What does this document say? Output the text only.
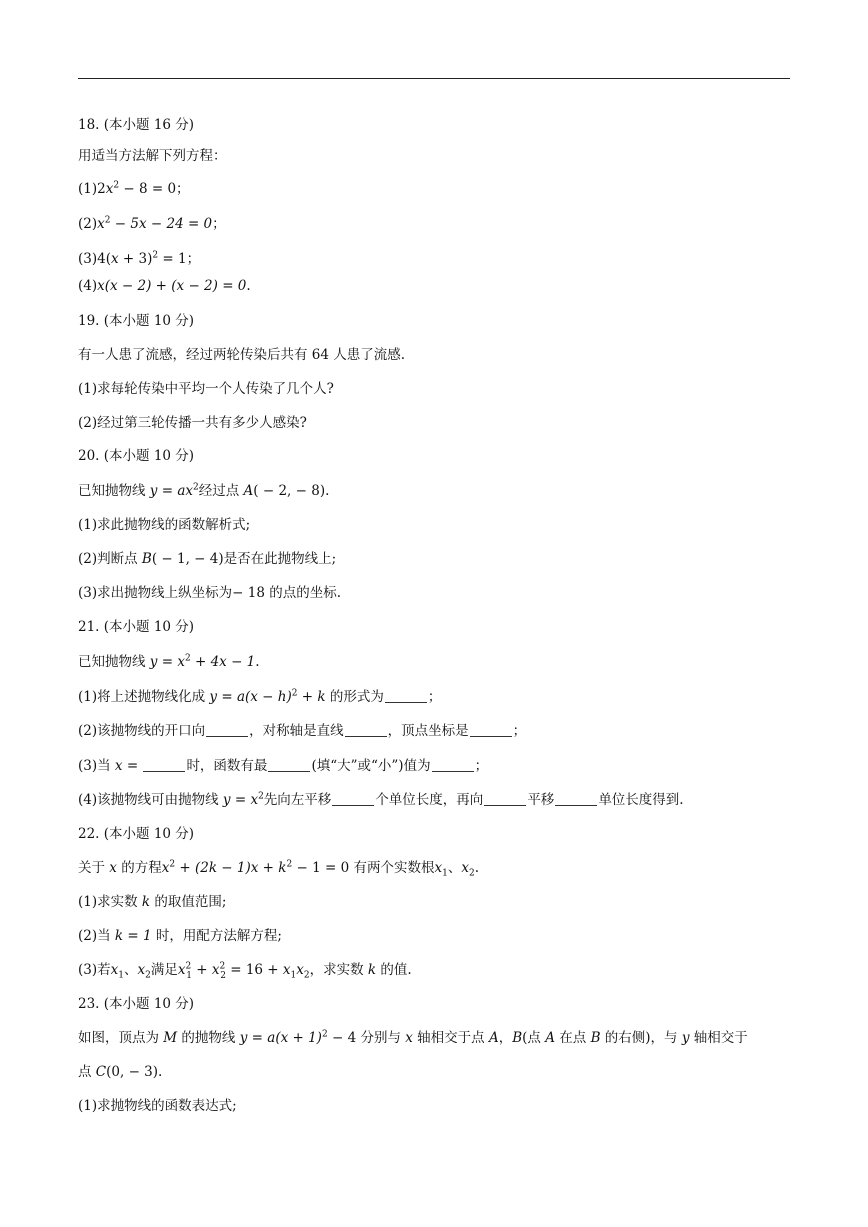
18. (本小题 16 分)
用适当方法解下列方程：
$(1)2x^2 - 8 = 0$；
$(2)x^2 - 5x - 24 = 0$；
$(3)4(x + 3)^2 = 1$；
(4)x(x − 2) + (x − 2) = 0.
19. (本小题 10 分)
有一人患了流感，经过两轮传染后共有 64 人患了流感.
(1)求每轮传染中平均一个人传染了几个人?
(2)经过第三轮传播一共有多少人感染?
20. (本小题 10 分)
已知抛物线 $y = ax^2$经过点 A( − 2, − 8).
(1)求此抛物线的函数解析式;
(2)判断点 B( − 1, − 4)是否在此抛物线上;
(3)求出抛物线上纵坐标为− 18 的点的坐标.
21. (本小题 10 分)
已知抛物线 $y = x^2 + 4x - 1$.
(1)将上述抛物线化成 $y = a(x - h)^2 + k$ 的形式为	；
(2)该抛物线的开口向	，对称轴是直线	，顶点坐标是	；
(3)当 x =	时，函数有最	(填“大”或“小”)值为	；
(4)该抛物线可由抛物线 $y = x^2$先向左平移	个单位长度，再向	平移	单位长度得到.
22. (本小题 10 分)
关于 x 的方程$x^2 + (2k - 1)x + k^2 - 1 = 0$ 有两个实数根$x_1$、$x_2$.
(1)求实数 k 的取值范围;
(2)当 k = 1 时，用配方法解方程;
(3)若$x_1$、$x_2$满足$x^2_1 + x^2_2 = 16 + x_1x_2$，求实数 k 的值.
23. (本小题 10 分)
如图，顶点为 M 的抛物线 $y = a(x + 1)^2 - 4$ 分别与 x 轴相交于点 A，B(点 A 在点 B 的右侧)，与 y 轴相交于
点 C(0, − 3).
(1)求抛物线的函数表达式;
